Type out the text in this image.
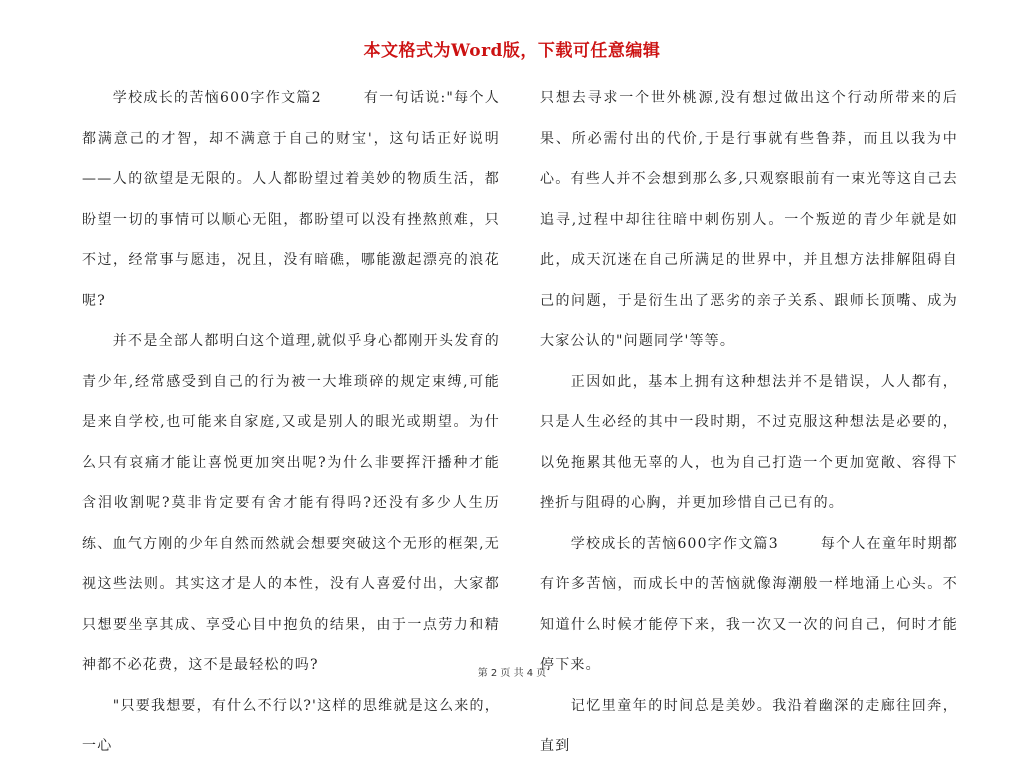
本文格式为Word版，下载可任意编辑

学校成长的苦恼600字作文篇2	有一句话说:"每个人都满意己的才智，却不满意于自己的财宝'，这句话正好说明——人的欲望是无限的。人人都盼望过着美妙的物质生活，都盼望一切的事情可以顺心无阻，都盼望可以没有挫熬煎难，只不过，经常事与愿违，况且，没有暗礁，哪能激起漂亮的浪花呢?

并不是全部人都明白这个道理,就似乎身心都刚开头发育的青少年,经常感受到自己的行为被一大堆琐碎的规定束缚,可能是来自学校,也可能来自家庭,又或是别人的眼光或期望。为什么只有哀痛才能让喜悦更加突出呢?为什么非要挥汗播种才能含泪收割呢?莫非肯定要有舍才能有得吗?还没有多少人生历练、血气方刚的少年自然而然就会想要突破这个无形的框架,无视这些法则。其实这才是人的本性，没有人喜爱付出，大家都只想要坐享其成、享受心目中抱负的结果，由于一点劳力和精神都不必花费，这不是最轻松的吗?

"只要我想要，有什么不行以?'这样的思维就是这么来的，一心

只想去寻求一个世外桃源,没有想过做出这个行动所带来的后果、所必需付出的代价,于是行事就有些鲁莽，而且以我为中心。有些人并不会想到那么多,只观察眼前有一束光等这自己去追寻,过程中却往往暗中刺伤别人。一个叛逆的青少年就是如此，成天沉迷在自己所满足的世界中，并且想方法排解阻碍自己的问题，于是衍生出了恶劣的亲子关系、跟师长顶嘴、成为大家公认的"问题同学'等等。

正因如此，基本上拥有这种想法并不是错误，人人都有，只是人生必经的其中一段时期，不过克服这种想法是必要的，以免拖累其他无辜的人，也为自己打造一个更加宽敞、容得下挫折与阻碍的心胸，并更加珍惜自己已有的。

学校成长的苦恼600字作文篇3	每个人在童年时期都有许多苦恼，而成长中的苦恼就像海潮般一样地涌上心头。不知道什么时候才能停下来，我一次又一次的问自己，何时才能停下来。

记忆里童年的时间总是美妙。我沿着幽深的走廊往回奔，直到

第 2 页 共 4 页
